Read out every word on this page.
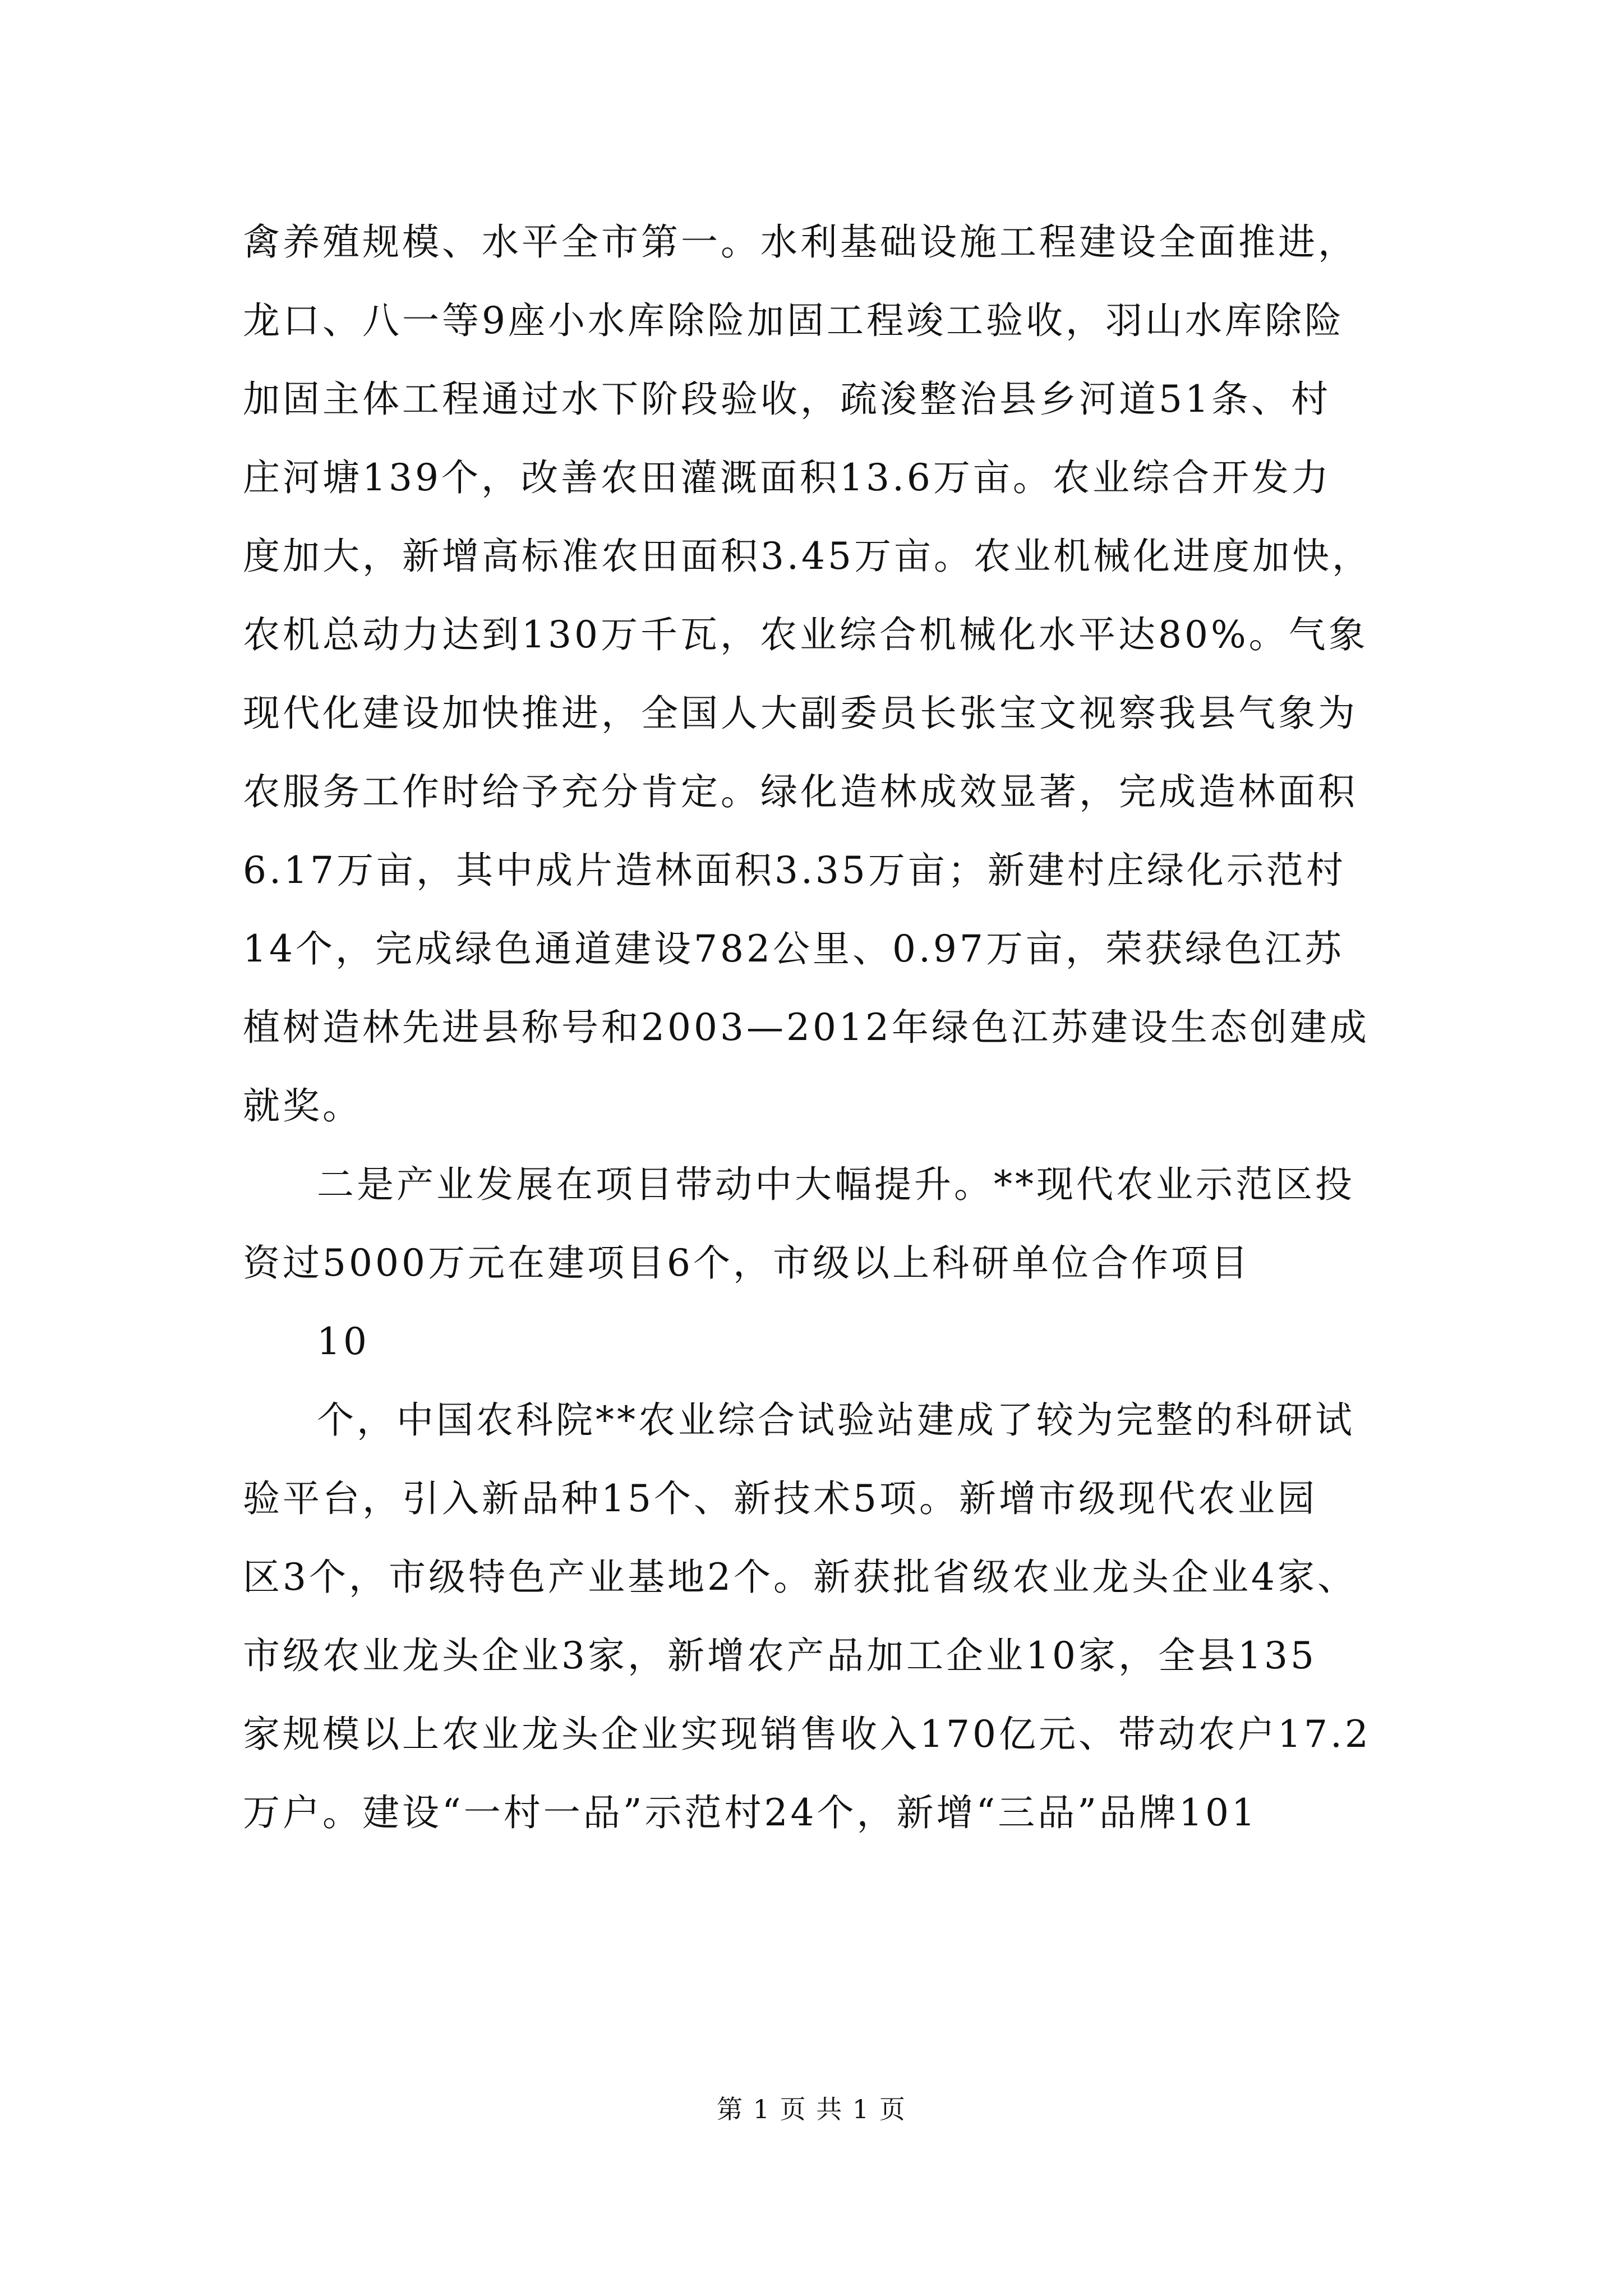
禽养殖规模、水平全市第一。水利基础设施工程建设全面推进，
龙口、八一等9座小水库除险加固工程竣工验收，羽山水库除险
加固主体工程通过水下阶段验收，疏浚整治县乡河道51条、村
庄河塘139个，改善农田灌溉面积13.6万亩。农业综合开发力
度加大，新增高标准农田面积3.45万亩。农业机械化进度加快，
农机总动力达到130万千瓦，农业综合机械化水平达80%。气象
现代化建设加快推进，全国人大副委员长张宝文视察我县气象为
农服务工作时给予充分肯定。绿化造林成效显著，完成造林面积
6.17万亩，其中成片造林面积3.35万亩；新建村庄绿化示范村
14个，完成绿色通道建设782公里、0.97万亩，荣获绿色江苏
植树造林先进县称号和2003—2012年绿色江苏建设生态创建成
就奖。
二是产业发展在项目带动中大幅提升。**现代农业示范区投
资过5000万元在建项目6个，市级以上科研单位合作项目
10
个，中国农科院**农业综合试验站建成了较为完整的科研试
验平台，引入新品种15个、新技术5项。新增市级现代农业园
区3个，市级特色产业基地2个。新获批省级农业龙头企业4家、
市级农业龙头企业3家，新增农产品加工企业10家，全县135
家规模以上农业龙头企业实现销售收入170亿元、带动农户17.2
万户。建设“一村一品”示范村24个，新增“三品”品牌101
第 1 页 共 1 页
